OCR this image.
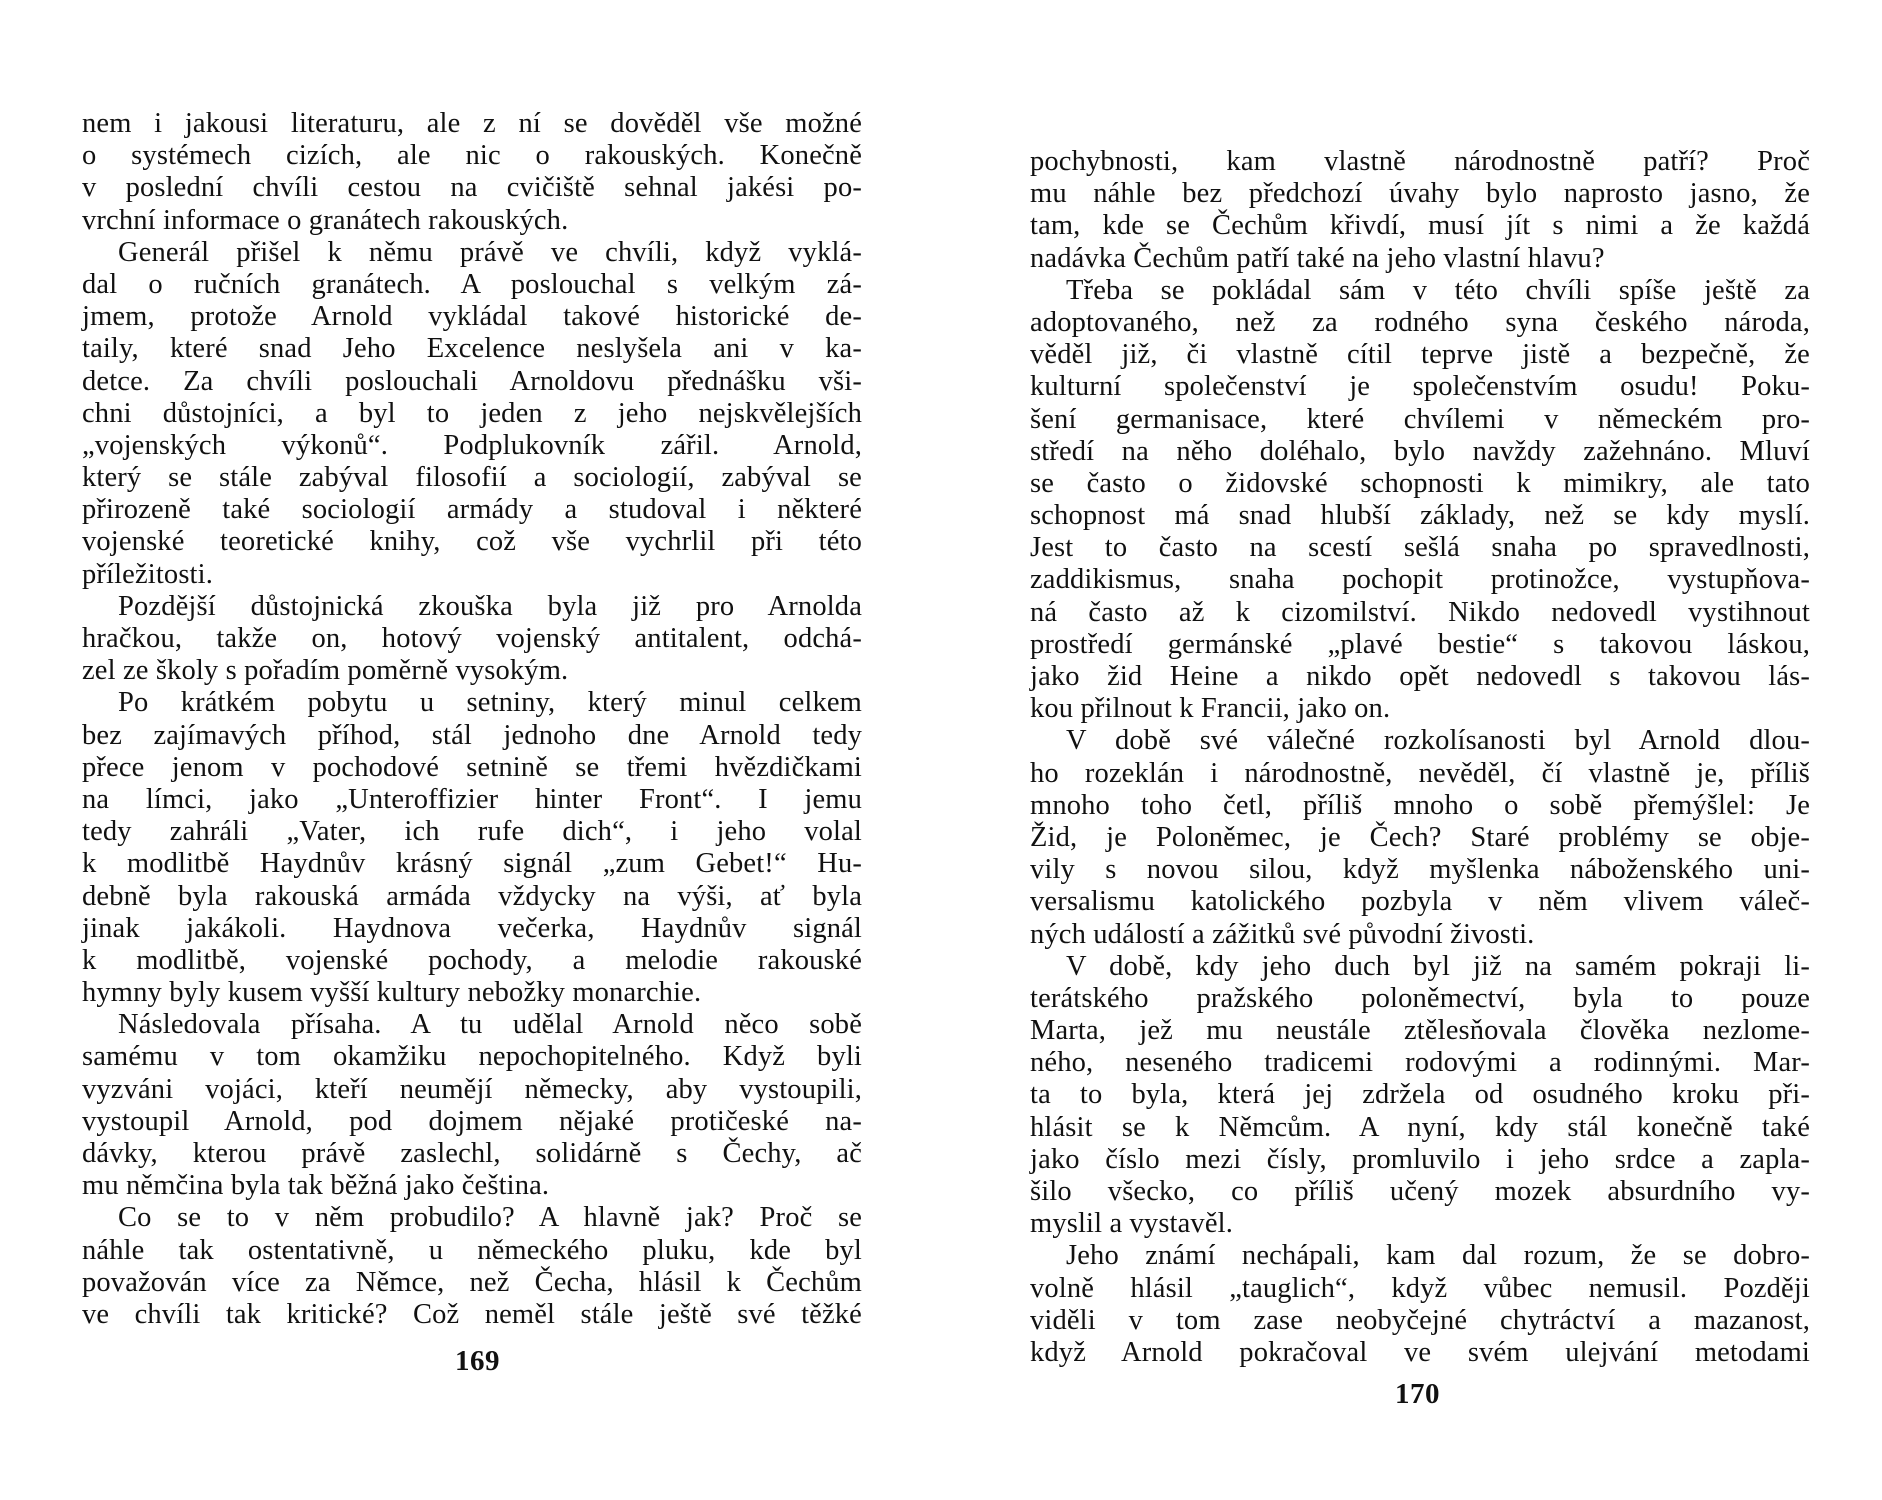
nem i jakousi literaturu, ale z ní se dověděl vše možné
o systémech cizích, ale nic o rakouských. Konečně
v poslední chvíli cestou na cvičiště sehnal jakési po-
vrchní informace o granátech rakouských.
Generál přišel k němu právě ve chvíli, když vyklá-
dal o ručních granátech. A poslouchal s velkým zá-
jmem, protože Arnold vykládal takové historické de-
taily, které snad Jeho Excelence neslyšela ani v ka-
detce. Za chvíli poslouchali Arnoldovu přednášku vši-
chni důstojníci, a byl to jeden z jeho nejskvělejších
„vojenských výkonů“. Podplukovník zářil. Arnold,
který se stále zabýval filosofií a sociologií, zabýval se
přirozeně také sociologií armády a studoval i některé
vojenské teoretické knihy, což vše vychrlil při této
příležitosti.
Pozdější důstojnická zkouška byla již pro Arnolda
hračkou, takže on, hotový vojenský antitalent, odchá-
zel ze školy s pořadím poměrně vysokým.
Po krátkém pobytu u setniny, který minul celkem
bez zajímavých příhod, stál jednoho dne Arnold tedy
přece jenom v pochodové setnině se třemi hvězdičkami
na límci, jako „Unteroffizier hinter Front“. I jemu
tedy zahráli „Vater, ich rufe dich“, i jeho volal
k modlitbě Haydnův krásný signál „zum Gebet!“ Hu-
debně byla rakouská armáda vždycky na výši, ať byla
jinak jakákoli. Haydnova večerka, Haydnův signál
k modlitbě, vojenské pochody, a melodie rakouské
hymny byly kusem vyšší kultury nebožky monarchie.
Následovala přísaha. A tu udělal Arnold něco sobě
samému v tom okamžiku nepochopitelného. Když byli
vyzváni vojáci, kteří neumějí německy, aby vystoupili,
vystoupil Arnold, pod dojmem nějaké protičeské na-
dávky, kterou právě zaslechl, solidárně s Čechy, ač
mu němčina byla tak běžná jako čeština.
Co se to v něm probudilo? A hlavně jak? Proč se
náhle tak ostentativně, u německého pluku, kde byl
považován více za Němce, než Čecha, hlásil k Čechům
ve chvíli tak kritické? Což neměl stále ještě své těžké
169
pochybnosti, kam vlastně národnostně patří? Proč
mu náhle bez předchozí úvahy bylo naprosto jasno, že
tam, kde se Čechům křivdí, musí jít s nimi a že každá
nadávka Čechům patří také na jeho vlastní hlavu?
Třeba se pokládal sám v této chvíli spíše ještě za
adoptovaného, než za rodného syna českého národa,
věděl již, či vlastně cítil teprve jistě a bezpečně, že
kulturní společenství je společenstvím osudu! Poku-
šení germanisace, které chvílemi v německém pro-
středí na něho doléhalo, bylo navždy zažehnáno. Mluví
se často o židovské schopnosti k mimikry, ale tato
schopnost má snad hlubší základy, než se kdy myslí.
Jest to často na scestí sešlá snaha po spravedlnosti,
zaddikismus, snaha pochopit protinožce, vystupňova-
ná často až k cizomilství. Nikdo nedovedl vystihnout
prostředí germánské „plavé bestie“ s takovou láskou,
jako žid Heine a nikdo opět nedovedl s takovou lás-
kou přilnout k Francii, jako on.
V době své válečné rozkolísanosti byl Arnold dlou-
ho rozeklán i národnostně, nevěděl, čí vlastně je, příliš
mnoho toho četl, příliš mnoho o sobě přemýšlel: Je
Žid, je Poloněmec, je Čech? Staré problémy se obje-
vily s novou silou, když myšlenka náboženského uni-
versalismu katolického pozbyla v něm vlivem váleč-
ných událostí a zážitků své původní živosti.
V době, kdy jeho duch byl již na samém pokraji li-
terátského pražského poloněmectví, byla to pouze
Marta, jež mu neustále ztělesňovala člověka nezlome-
ného, neseného tradicemi rodovými a rodinnými. Mar-
ta to byla, která jej zdržela od osudného kroku při-
hlásit se k Němcům. A nyní, kdy stál konečně také
jako číslo mezi čísly, promluvilo i jeho srdce a zapla-
šilo všecko, co příliš učený mozek absurdního vy-
myslil a vystavěl.
Jeho známí nechápali, kam dal rozum, že se dobro-
volně hlásil „tauglich“, když vůbec nemusil. Později
viděli v tom zase neobyčejné chytráctví a mazanost,
když Arnold pokračoval ve svém ulejvání metodami
170
